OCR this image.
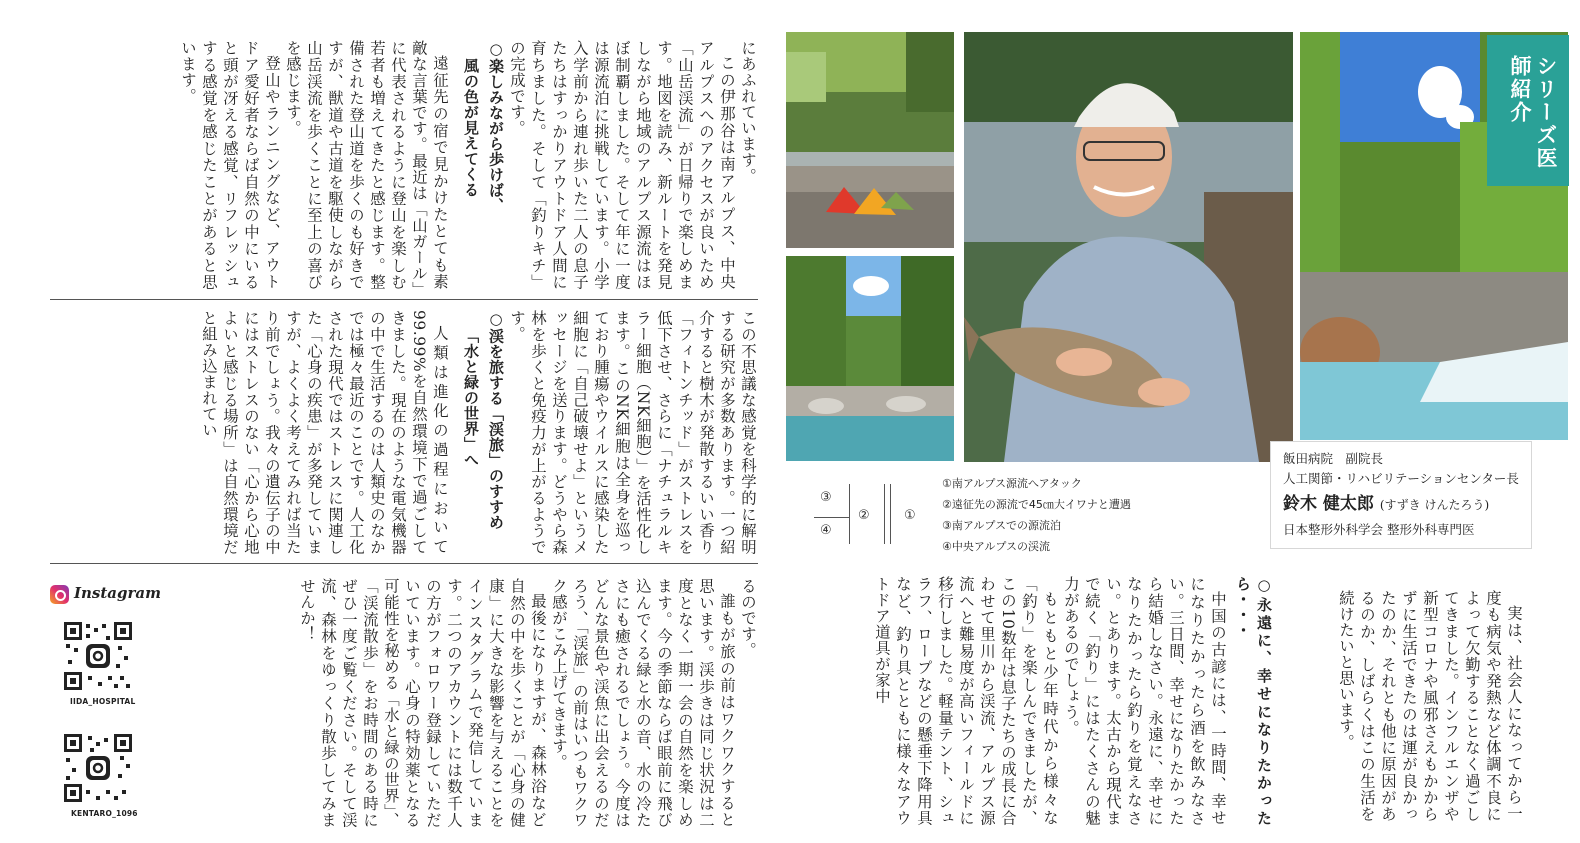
シリーズ医師紹介
飯田病院　副院長
人工関節・リハビリテーションセンター長
鈴木 健太郎 (すずき けんたろう)
日本整形外科学会 整形外科専門医
③
④
②	①
①南アルプス源流へアタック
②遠征先の源流で45㎝大イワナと遭遇
③南アルプスでの源流泊
④中央アルプスの渓流

実は、社会人になってから一度も病気や発熱など体調不良によって欠勤することなく過ごしてきました。インフルエンザや新型コロナや風邪さえもかからずに生活できたのは運が良かったのか、それとも他に原因があるのか、しばらくはこの生活を続けたいと思います。

○永遠に、幸せになりたかったら・・・

中国の古諺には、一時間、幸せになりたかったら酒を飲みなさい。三日間、幸せになりたかったら結婚しなさい。永遠に、幸せになりたかったら釣りを覚えなさい。とあります。太古から現代まで続く「釣り」にはたくさんの魅力があるのでしょう。

もともと少年時代から様々な「釣り」を楽しんできましたが、この10数年は息子たちの成長に合わせて里川から渓流、アルプス源流へと難易度が高いフィールドに移行しました。軽量テント、シュラフ、ロープなどの懸垂下降用具など、釣り具とともに様々なアウトドア道具が家中

にあふれています。

この伊那谷は南アルプス、中央アルプスへのアクセスが良いため「山岳渓流」が日帰りで楽しめます。地図を読み、新ルートを発見しながら地域のアルプス源流はほぼ制覇しました。そして年に一度は源流泊に挑戦しています。小学入学前から連れ歩いた二人の息子たちはすっかりアウトドア人間に育ちました。そして「釣りキチ」の完成です。

○楽しみながら歩けば、
風の色が見えてくる

遠征先の宿で見かけたとても素敵な言葉です。最近は「山ガール」に代表されるように登山を楽しむ若者も増えてきたと感じます。整備された登山道を歩くのも好きですが、獣道や古道を駆使しながら山岳渓流を歩くことに至上の喜びを感じます。

登山やランニングなど、アウトドア愛好者ならば自然の中にいると頭が冴える感覚、リフレッシュする感覚を感じたことがあると思います。

この不思議な感覚を科学的に解明する研究が多数あります。一つ紹介すると樹木が発散するいい香り「フィトンチッド」がストレスを低下させ、さらに「ナチュラルキラー細胞（NK細胞）」を活性化します。このNK細胞は全身を巡っており腫瘍やウイルスに感染した細胞に「自己破壊せよ」というメッセージを送ります。どうやら森林を歩くと免疫力が上がるようです。

○渓を旅する「渓旅」のすすめ
「水と緑の世界」へ

人類は進化の過程において99.99%を自然環境下で過ごしてきました。現在のような電気機器の中で生活するのは人類史のなかでは極々最近のことです。人工化された現代ではストレスに関連した「心身の疾患」が多発していますが、よくよく考えてみれば当たり前でしょう。我々の遺伝子の中にはストレスのない「心から心地よいと感じる場所」は自然環境だと組み込まれてい

るのです。

誰もが旅の前はワクワクすると思います。渓歩きは同じ状況は二度となく一期一会の自然を楽しめます。今の季節ならば眼前に飛び込んでくる緑と水の音、水の冷たさにも癒されるでしょう。今度はどんな景色や渓魚に出会えるのだろう、「渓旅」の前はいつもワクワク感がこみ上げてきます。

最後になりますが、森林浴など自然の中を歩くことが「心身の健康」に大きな影響を与えることをインスタグラムで発信しています。二つのアカウントには数千人の方がフォロワー登録していただいています。心身の特効薬となる可能性を秘める「水と緑の世界」、「渓流散歩」をお時間のある時にぜひ一度ご覧ください。そして渓流、森林をゆっくり散歩してみませんか！

Instagram
IIDA_HOSPITAL
KENTARO_1096
